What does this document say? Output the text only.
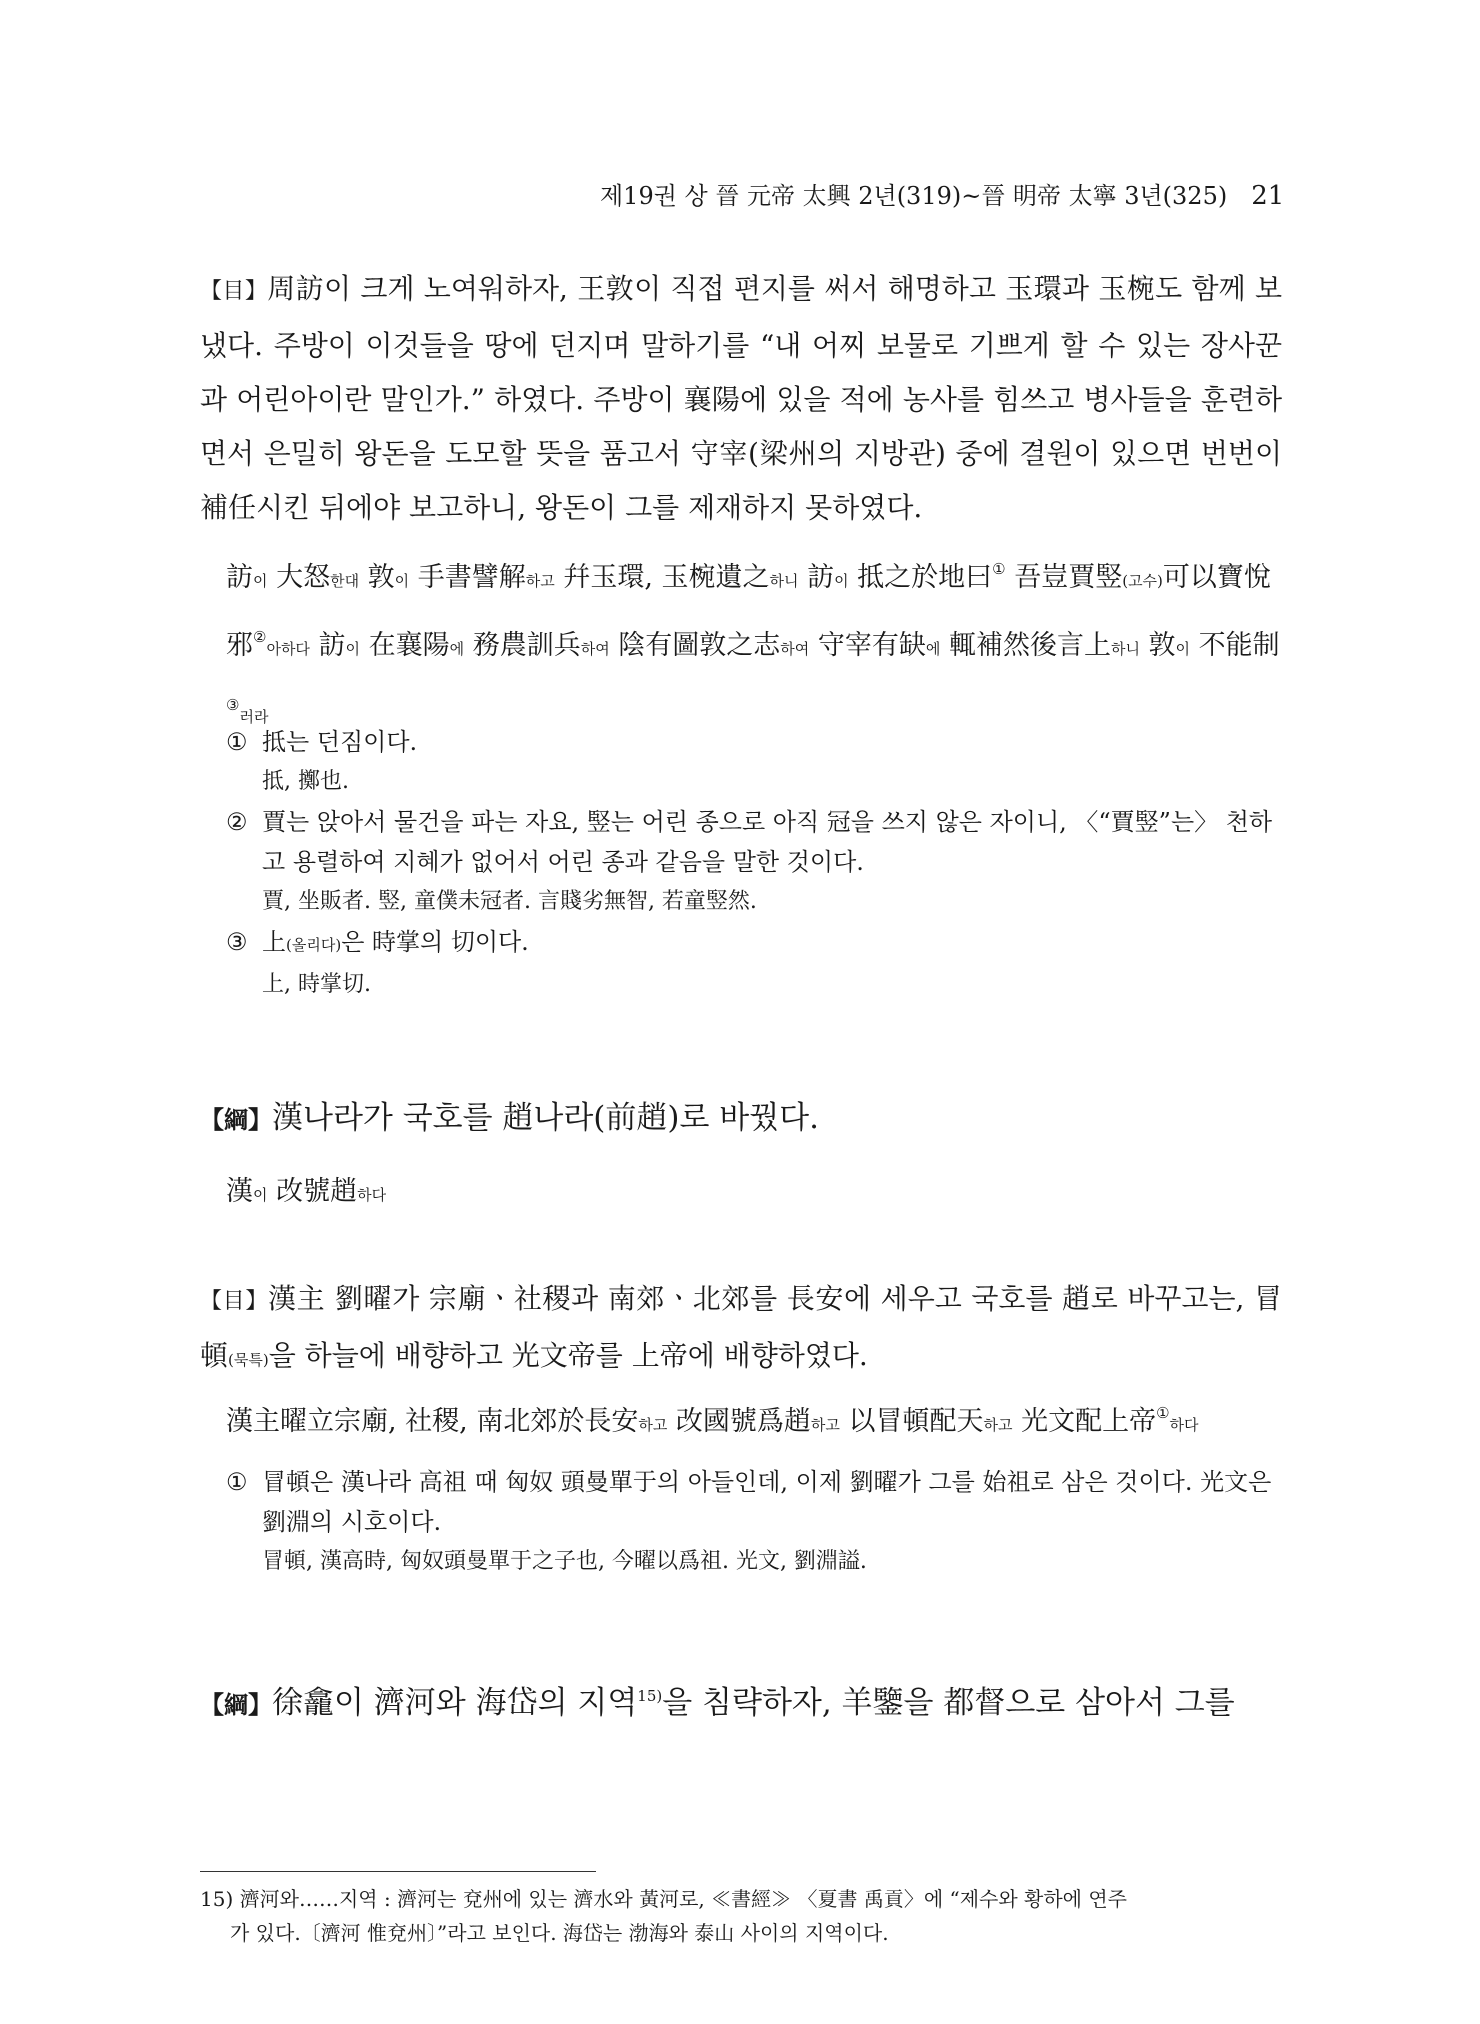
제19권 상 晉 元帝 太興 2년(319)~晉 明帝 太寧 3년(325) 21

【目】周訪이 크게 노여워하자, 王敦이 직접 편지를 써서 해명하고 玉環과 玉椀도 함께 보냈다. 주방이 이것들을 땅에 던지며 말하기를 “내 어찌 보물로 기쁘게 할 수 있는 장사꾼과 어린아이란 말인가.” 하였다. 주방이 襄陽에 있을 적에 농사를 힘쓰고 병사들을 훈련하면서 은밀히 왕돈을 도모할 뜻을 품고서 守宰(梁州의 지방관) 중에 결원이 있으면 번번이 補任시킨 뒤에야 보고하니, 왕돈이 그를 제재하지 못하였다.

訪이 大怒한대 敦이 手書譬解하고 幷玉環, 玉椀遺之하니 訪이 抵之於地曰① 吾豈賈竪(고수)可以寶悅邪②아하다 訪이 在襄陽에 務農訓兵하여 陰有圖敦之志하여 守宰有缺에 輒補然後言上하니 敦이 不能制③러라

① 抵는 던짐이다.
抵, 擲也.
② 賈는 앉아서 물건을 파는 자요, 竪는 어린 종으로 아직 冠을 쓰지 않은 자이니, 〈“賈竪”는〉 천하고 용렬하여 지혜가 없어서 어린 종과 같음을 말한 것이다.
賈, 坐販者. 竪, 童僕未冠者. 言賤劣無智, 若童竪然.
③ 上(올리다)은 時掌의 切이다.
上, 時掌切.

【綱】漢나라가 국호를 趙나라(前趙)로 바꿨다.

漢이 改號趙하다

【目】漢主 劉曜가 宗廟ㆍ社稷과 南郊ㆍ北郊를 長安에 세우고 국호를 趙로 바꾸고는, 冒頓(묵특)을 하늘에 배향하고 光文帝를 上帝에 배향하였다.

漢主曜立宗廟, 社稷, 南北郊於長安하고 改國號爲趙하고 以冒頓配天하고 光文配上帝①하다

① 冒頓은 漢나라 高祖 때 匈奴 頭曼單于의 아들인데, 이제 劉曜가 그를 始祖로 삼은 것이다. 光文은 劉淵의 시호이다.
冒頓, 漢高時, 匈奴頭曼單于之子也, 今曜以爲祖. 光文, 劉淵謚.

【綱】徐龕이 濟河와 海岱의 지역$^{15)}$을 침략하자, 羊鑒을 都督으로 삼아서 그를

15) 濟河와……지역 : 濟河는 兗州에 있는 濟水와 黃河로, ≪書經≫ 〈夏書 禹貢〉에 “제수와 황하에 연주
가 있다.〔濟河 惟兗州〕”라고 보인다. 海岱는 渤海와 泰山 사이의 지역이다.
